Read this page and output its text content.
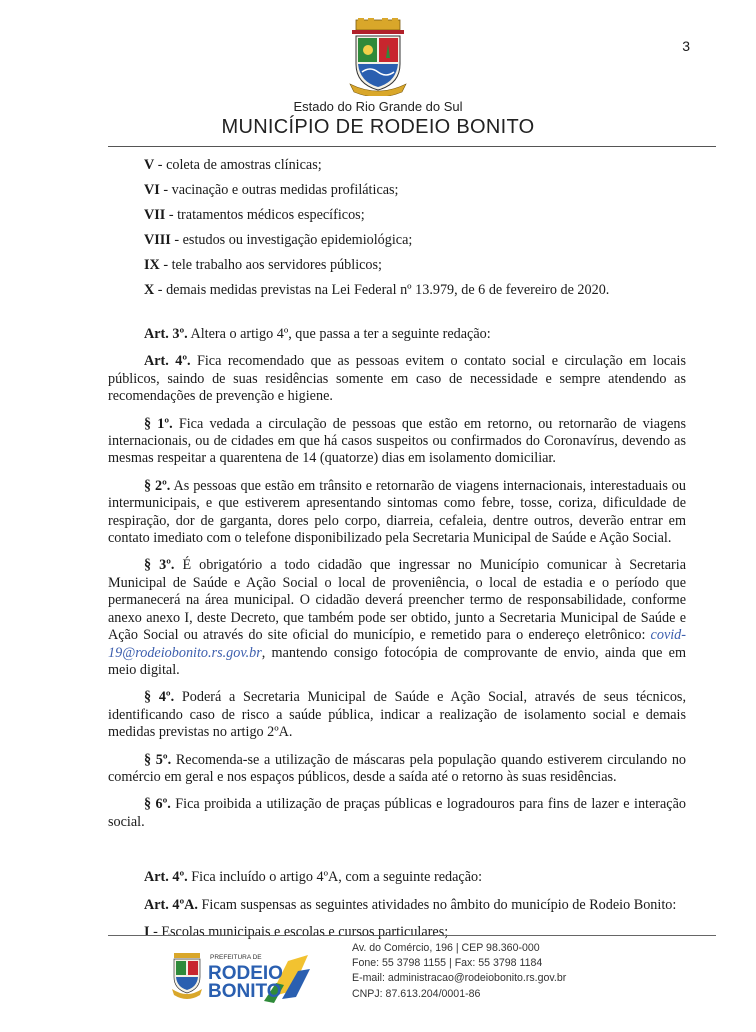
3
Estado do Rio Grande do Sul
MUNICÍPIO DE RODEIO BONITO
V - coleta de amostras clínicas;
VI - vacinação e outras medidas profiláticas;
VII - tratamentos médicos específicos;
VIII - estudos ou investigação epidemiológica;
IX - tele trabalho aos servidores públicos;
X - demais medidas previstas na Lei Federal nº 13.979, de 6 de fevereiro de 2020.

Art. 3º. Altera o artigo 4º, que passa a ter a seguinte redação:

Art. 4º. Fica recomendado que as pessoas evitem o contato social e circulação em locais públicos, saindo de suas residências somente em caso de necessidade e sempre atendendo as recomendações de prevenção e higiene.

§ 1º. Fica vedada a circulação de pessoas que estão em retorno, ou retornarão de viagens internacionais, ou de cidades em que há casos suspeitos ou confirmados do Coronavírus, devendo as mesmas respeitar a quarentena de 14 (quatorze) dias em isolamento domiciliar.

§ 2º. As pessoas que estão em trânsito e retornarão de viagens internacionais, interestaduais ou intermunicipais, e que estiverem apresentando sintomas como febre, tosse, coriza, dificuldade de respiração, dor de garganta, dores pelo corpo, diarreia, cefaleia, dentre outros, deverão entrar em contato imediato com o telefone disponibilizado pela Secretaria Municipal de Saúde e Ação Social.

§ 3º. É obrigatório a todo cidadão que ingressar no Município comunicar à Secretaria Municipal de Saúde e Ação Social o local de proveniência, o local de estadia e o período que permanecerá na área municipal. O cidadão deverá preencher termo de responsabilidade, conforme anexo anexo I, deste Decreto, que também pode ser obtido, junto a Secretaria Municipal de Saúde e Ação Social ou através do site oficial do município, e remetido para o endereço eletrônico: covid-19@rodeiobonito.rs.gov.br, mantendo consigo fotocópia de comprovante de envio, ainda que em meio digital.

§ 4º. Poderá a Secretaria Municipal de Saúde e Ação Social, através de seus técnicos, identificando caso de risco a saúde pública, indicar a realização de isolamento social e demais medidas previstas no artigo 2ºA.

§ 5º. Recomenda-se a utilização de máscaras pela população quando estiverem circulando no comércio em geral e nos espaços públicos, desde a saída até o retorno às suas residências.

§ 6º. Fica proibida a utilização de praças públicas e logradouros para fins de lazer e interação social.

Art. 4º. Fica incluído o artigo 4ºA, com a seguinte redação:

Art. 4ºA. Ficam suspensas as seguintes atividades no âmbito do município de Rodeio Bonito:

I - Escolas municipais e escolas e cursos particulares;

PREFEITURA DE
RODEIO
BONITO
Av. do Comércio, 196 | CEP 98.360-000
Fone: 55 3798 1155 | Fax: 55 3798 1184
E-mail: administracao@rodeiobonito.rs.gov.br
CNPJ: 87.613.204/0001-86
